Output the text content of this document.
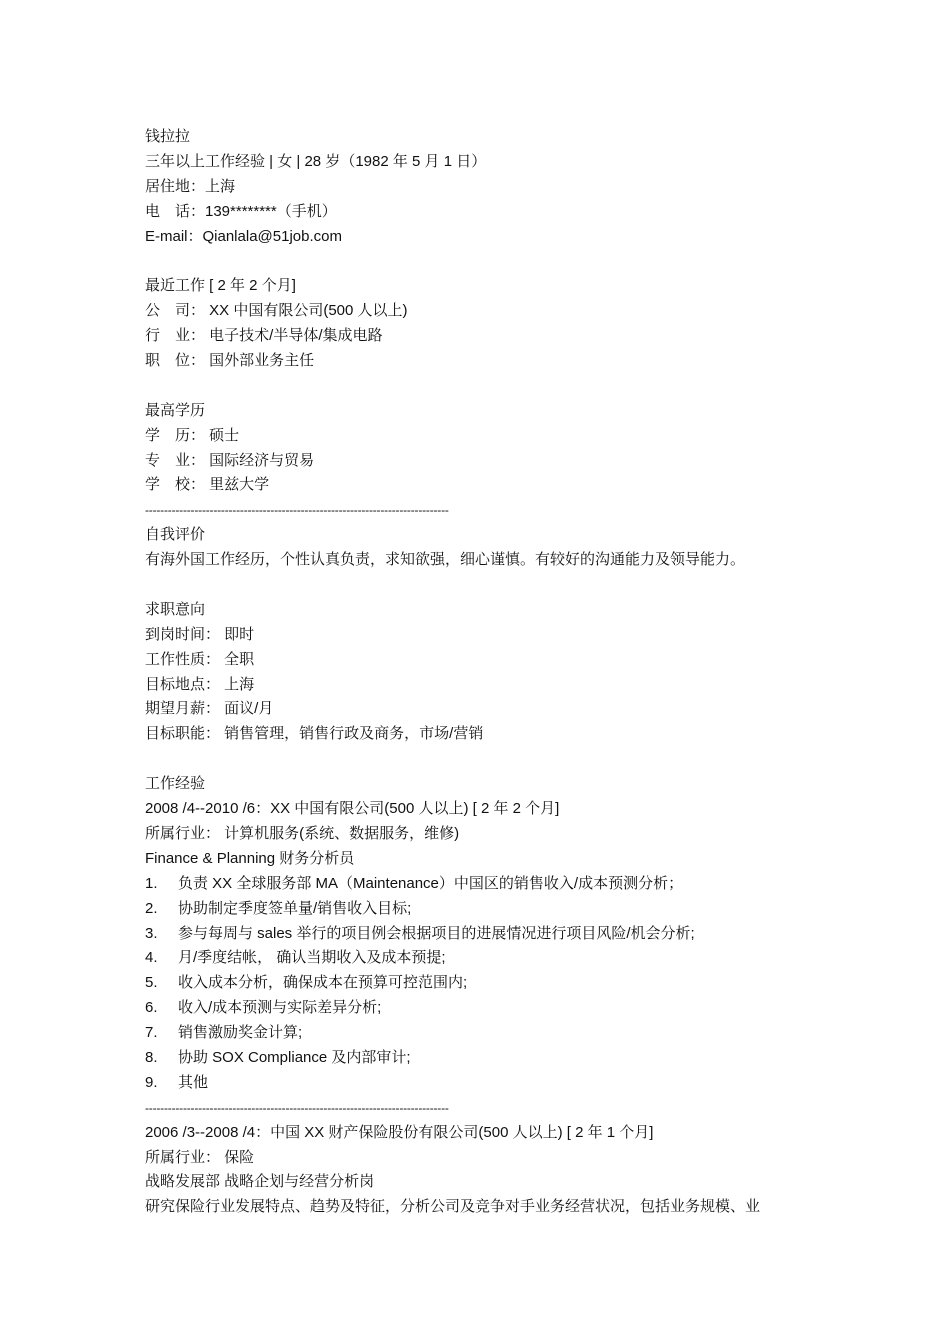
钱拉拉
三年以上工作经验 | 女 | 28 岁（1982 年 5 月 1 日）
居住地：上海
电　话：139********（手机）
E-mail：Qianlala@51job.com
最近工作 [ 2 年 2 个月]
公　司： XX 中国有限公司(500 人以上)
行　业： 电子技术/半导体/集成电路
职　位： 国外部业务主任
最高学历
学　历： 硕士
专　业： 国际经济与贸易
学　校： 里兹大学
--------------------------------------------------------------------------------
自我评价
有海外国工作经历，个性认真负责，求知欲强，细心谨慎。有较好的沟通能力及领导能力。
求职意向
到岗时间： 即时
工作性质： 全职
目标地点： 上海
期望月薪： 面议/月
目标职能： 销售管理，销售行政及商务，市场/营销
工作经验
2008 /4--2010 /6：XX 中国有限公司(500 人以上) [ 2 年 2 个月]
所属行业： 计算机服务(系统、数据服务，维修)
Finance & Planning 财务分析员
1. 负责 XX 全球服务部 MA（Maintenance）中国区的销售收入/成本预测分析；
2. 协助制定季度签单量/销售收入目标;
3. 参与每周与 sales 举行的项目例会根据项目的进展情况进行项目风险/机会分析;
4. 月/季度结帐， 确认当期收入及成本预提;
5. 收入成本分析，确保成本在预算可控范围内;
6. 收入/成本预测与实际差异分析;
7. 销售激励奖金计算;
8. 协助 SOX Compliance 及内部审计;
9. 其他
--------------------------------------------------------------------------------
2006 /3--2008 /4：中国 XX 财产保险股份有限公司(500 人以上) [ 2 年 1 个月]
所属行业： 保险
战略发展部 战略企划与经营分析岗
研究保险行业发展特点、趋势及特征，分析公司及竞争对手业务经营状况，包括业务规模、业
